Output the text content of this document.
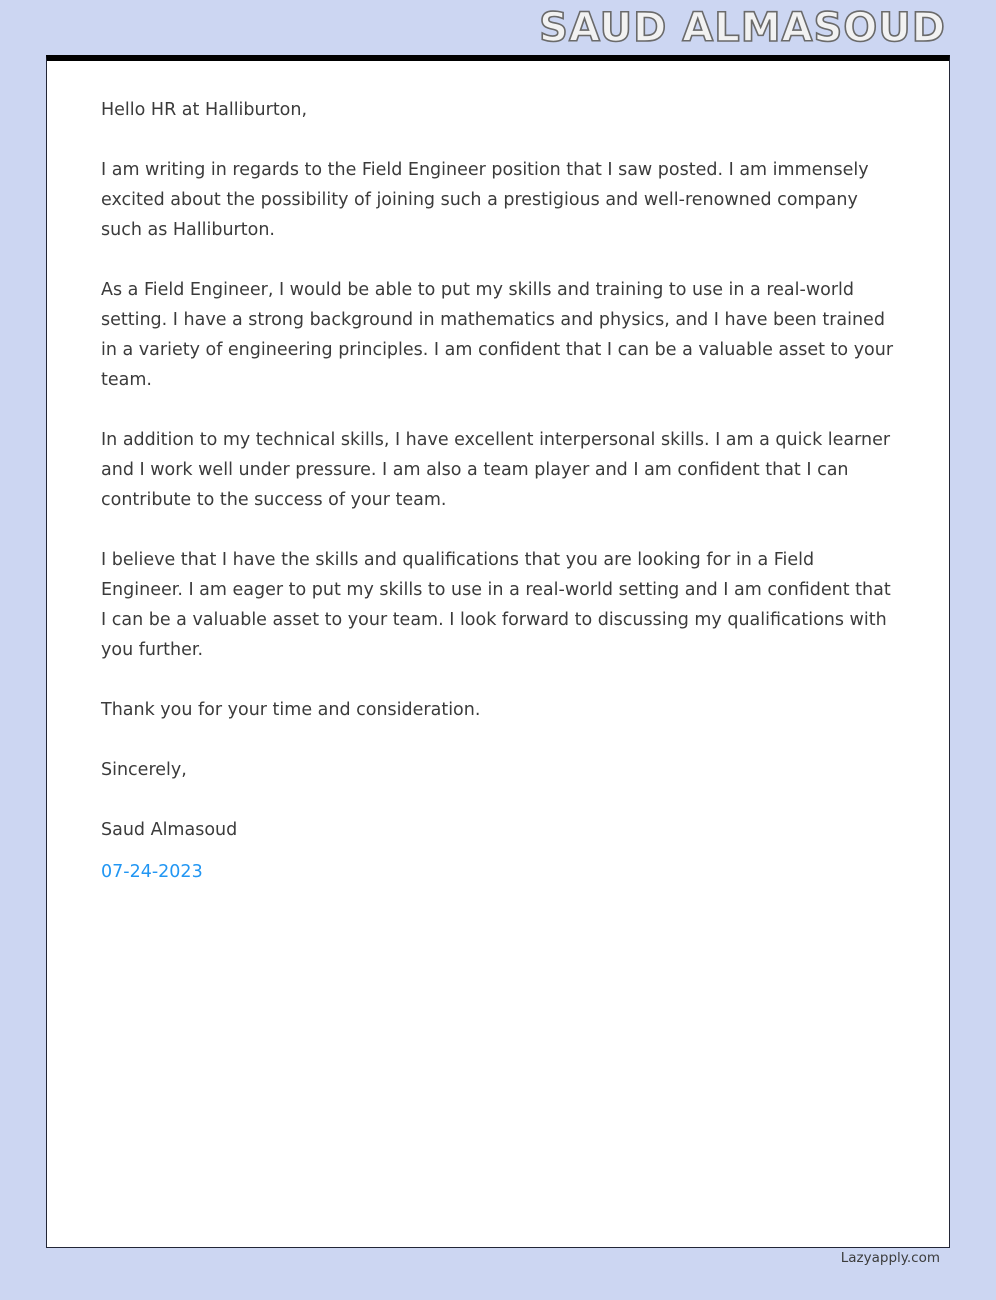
SAUD ALMASOUD

Hello HR at Halliburton,

I am writing in regards to the Field Engineer position that I saw posted. I am immensely excited about the possibility of joining such a prestigious and well-renowned company such as Halliburton.

As a Field Engineer, I would be able to put my skills and training to use in a real-world setting. I have a strong background in mathematics and physics, and I have been trained in a variety of engineering principles. I am confident that I can be a valuable asset to your team.

In addition to my technical skills, I have excellent interpersonal skills. I am a quick learner and I work well under pressure. I am also a team player and I am confident that I can contribute to the success of your team.

I believe that I have the skills and qualifications that you are looking for in a Field Engineer. I am eager to put my skills to use in a real-world setting and I am confident that I can be a valuable asset to your team. I look forward to discussing my qualifications with you further.

Thank you for your time and consideration.

Sincerely,

Saud Almasoud

07-24-2023

Lazyapply.com
